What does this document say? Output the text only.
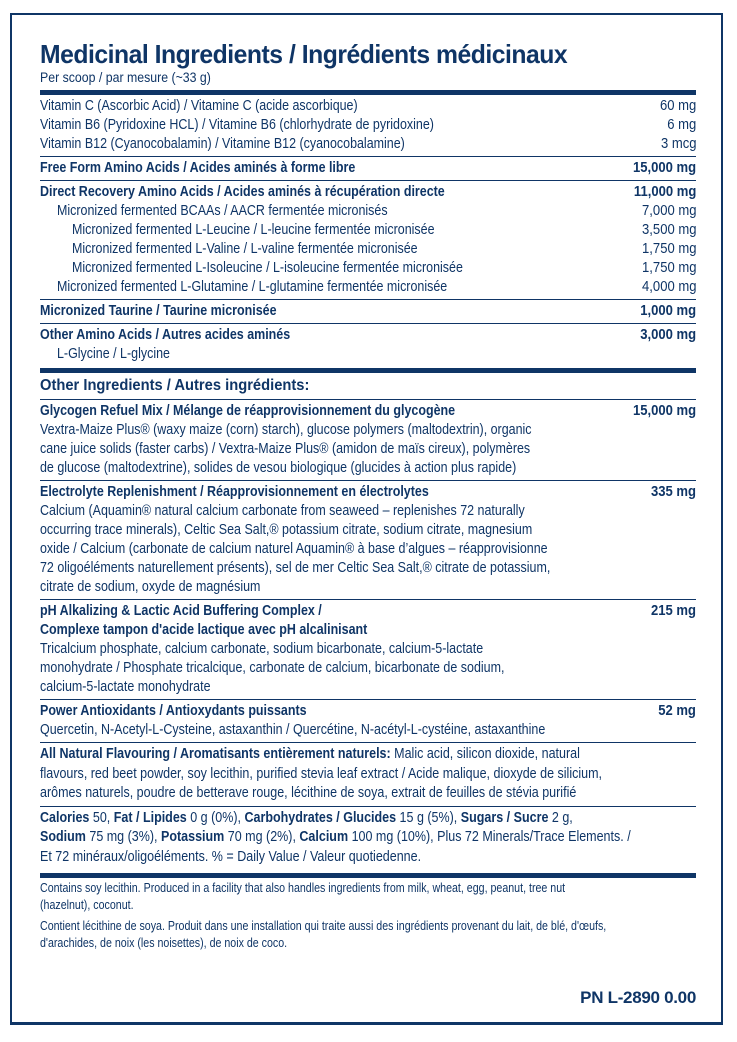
Medicinal Ingredients / Ingrédients médicinaux
Per scoop / par mesure (~33 g)
Vitamin C (Ascorbic Acid) / Vitamine C (acide ascorbique)	60 mg
Vitamin B6 (Pyridoxine HCL) / Vitamine B6 (chlorhydrate de pyridoxine)	6 mg
Vitamin B12 (Cyanocobalamin) / Vitamine B12 (cyanocobalamine)	3 mcg
Free Form Amino Acids / Acides aminés à forme libre	15,000 mg
Direct Recovery Amino Acids / Acides aminés à récupération directe	11,000 mg
Micronized fermented BCAAs / AACR fermentée micronisés	7,000 mg
Micronized fermented L-Leucine / L-leucine fermentée micronisée	3,500 mg
Micronized fermented L-Valine / L-valine fermentée micronisée	1,750 mg
Micronized fermented L-Isoleucine / L-isoleucine fermentée micronisée	1,750 mg
Micronized fermented L-Glutamine / L-glutamine fermentée micronisée	4,000 mg
Micronized Taurine / Taurine micronisée	1,000 mg
Other Amino Acids / Autres acides aminés	3,000 mg
L-Glycine / L-glycine
Other Ingredients / Autres ingrédients:
Glycogen Refuel Mix / Mélange de réapprovisionnement du glycogène	15,000 mg
Vextra-Maize Plus® (waxy maize (corn) starch), glucose polymers (maltodextrin), organic
cane juice solids (faster carbs) / Vextra-Maize Plus® (amidon de maïs cireux), polymères
de glucose (maltodextrine), solides de vesou biologique (glucides à action plus rapide)
Electrolyte Replenishment / Réapprovisionnement en électrolytes	335 mg
Calcium (Aquamin® natural calcium carbonate from seaweed – replenishes 72 naturally
occurring trace minerals), Celtic Sea Salt,® potassium citrate, sodium citrate, magnesium
oxide / Calcium (carbonate de calcium naturel Aquamin® à base d’algues – réapprovisionne
72 oligoéléments naturellement présents), sel de mer Celtic Sea Salt,® citrate de potassium,
citrate de sodium, oxyde de magnésium
pH Alkalizing & Lactic Acid Buffering Complex /	215 mg
Complexe tampon d'acide lactique avec pH alcalinisant
Tricalcium phosphate, calcium carbonate, sodium bicarbonate, calcium-5-lactate
monohydrate / Phosphate tricalcique, carbonate de calcium, bicarbonate de sodium,
calcium-5-lactate monohydrate
Power Antioxidants / Antioxydants puissants	52 mg
Quercetin, N-Acetyl-L-Cysteine, astaxanthin / Quercétine, N-acétyl-L-cystéine, astaxanthine
All Natural Flavouring / Aromatisants entièrement naturels: Malic acid, silicon dioxide, natural
flavours, red beet powder, soy lecithin, purified stevia leaf extract / Acide malique, dioxyde de silicium,
arômes naturels, poudre de betterave rouge, lécithine de soya, extrait de feuilles de stévia purifié
Calories 50, Fat / Lipides 0 g (0%), Carbohydrates / Glucides 15 g (5%), Sugars / Sucre 2 g,
Sodium 75 mg (3%), Potassium 70 mg (2%), Calcium 100 mg (10%), Plus 72 Minerals/Trace Elements. /
Et 72 minéraux/oligoéléments. % = Daily Value / Valeur quotiedenne.
Contains soy lecithin. Produced in a facility that also handles ingredients from milk, wheat, egg, peanut, tree nut
(hazelnut), coconut.
Contient lécithine de soya. Produit dans une installation qui traite aussi des ingrédients provenant du lait, de blé, d'œufs,
d'arachides, de noix (les noisettes), de noix de coco.
PN L-2890 0.00
